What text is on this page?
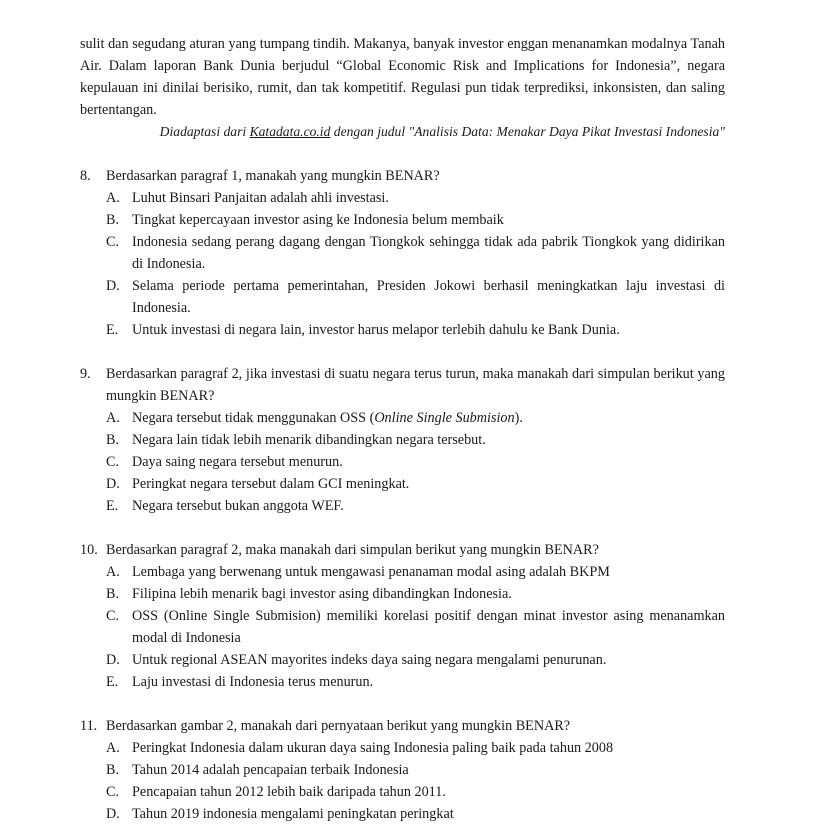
sulit dan segudang aturan yang tumpang tindih. Makanya, banyak investor enggan menanamkan modalnya Tanah Air. Dalam laporan Bank Dunia berjudul “Global Economic Risk and Implications for Indonesia”, negara kepulauan ini dinilai berisiko, rumit, dan tak kompetitif. Regulasi pun tidak terprediksi, inkonsisten, dan saling bertentangan.

Diadaptasi dari Katadata.co.id dengan judul "Analisis Data: Menakar Daya Pikat Investasi Indonesia"

8.	Berdasarkan paragraf 1, manakah yang mungkin BENAR?
A. Luhut Binsari Panjaitan adalah ahli investasi.
B. Tingkat kepercayaan investor asing ke Indonesia belum membaik
C. Indonesia sedang perang dagang dengan Tiongkok sehingga tidak ada pabrik Tiongkok yang didirikan di Indonesia.
D. Selama periode pertama pemerintahan, Presiden Jokowi berhasil meningkatkan laju investasi di Indonesia.
E. Untuk investasi di negara lain, investor harus melapor terlebih dahulu ke Bank Dunia.
9.	Berdasarkan paragraf 2, jika investasi di suatu negara terus turun, maka manakah dari simpulan berikut yang mungkin BENAR?
A. Negara tersebut tidak menggunakan OSS (Online Single Submision).
B. Negara lain tidak lebih menarik dibandingkan negara tersebut.
C. Daya saing negara tersebut menurun.
D. Peringkat negara tersebut dalam GCI meningkat.
E. Negara tersebut bukan anggota WEF.
10. Berdasarkan paragraf 2, maka manakah dari simpulan berikut yang mungkin BENAR?
A. Lembaga yang berwenang untuk mengawasi penanaman modal asing adalah BKPM
B. Filipina lebih menarik bagi investor asing dibandingkan Indonesia.
C. OSS (Online Single Submision) memiliki korelasi positif dengan minat investor asing menanamkan modal di Indonesia
D. Untuk regional ASEAN mayorites indeks daya saing negara mengalami penurunan.
E. Laju investasi di Indonesia terus menurun.
11. Berdasarkan gambar 2, manakah dari pernyataan berikut yang mungkin BENAR?
A. Peringkat Indonesia dalam ukuran daya saing Indonesia paling baik pada tahun 2008
B. Tahun 2014 adalah pencapaian terbaik Indonesia
C. Pencapaian tahun 2012 lebih baik daripada tahun 2011.
D. Tahun 2019 indonesia mengalami peningkatan peringkat
